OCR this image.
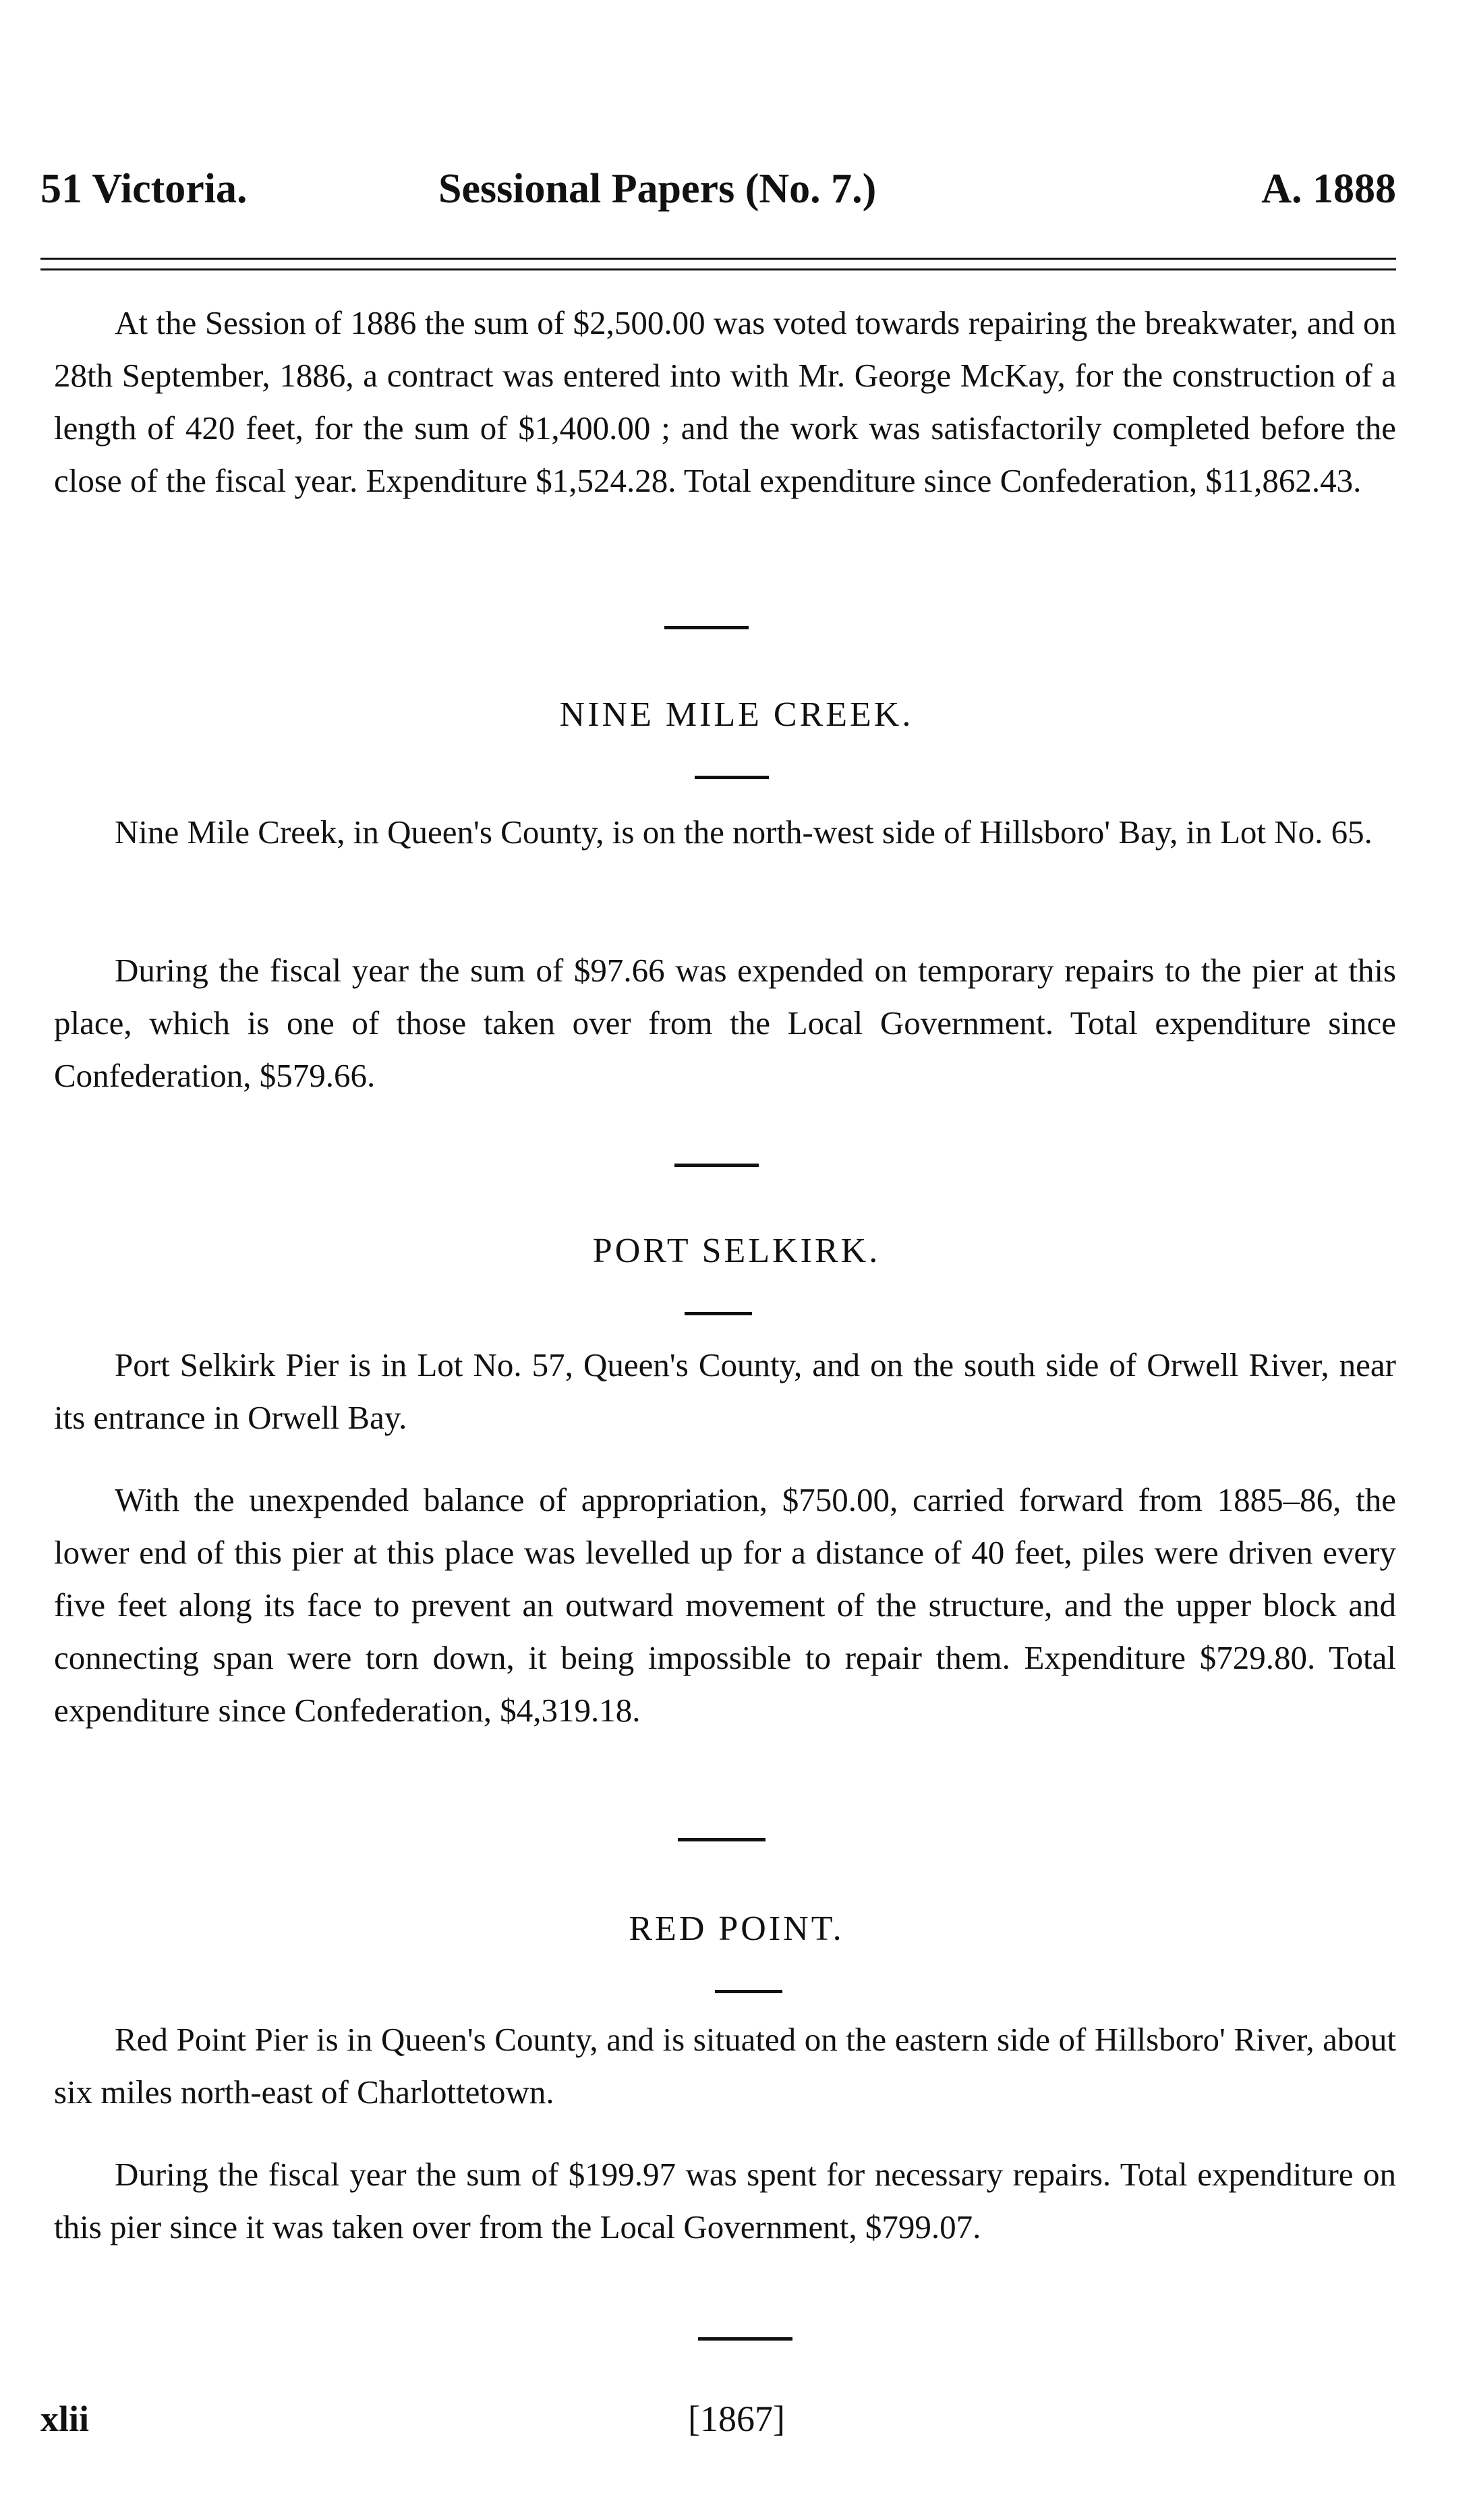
51 Victoria.	Sessional Papers (No. 7.)	A. 1888

At the Session of 1886 the sum of $2,500.00 was voted towards repairing the breakwater, and on 28th September, 1886, a contract was entered into with Mr. George McKay, for the construction of a length of 420 feet, for the sum of $1,400.00 ; and the work was satisfactorily completed before the close of the fiscal year. Expenditure $1,524.28. Total expenditure since Confederation, $11,862.43.

NINE MILE CREEK.

Nine Mile Creek, in Queen's County, is on the north-west side of Hillsboro' Bay, in Lot No. 65.

During the fiscal year the sum of $97.66 was expended on temporary repairs to the pier at this place, which is one of those taken over from the Local Government. Total expenditure since Confederation, $579.66.

PORT SELKIRK.

Port Selkirk Pier is in Lot No. 57, Queen's County, and on the south side of Orwell River, near its entrance in Orwell Bay.

With the unexpended balance of appropriation, $750.00, carried forward from 1885–86, the lower end of this pier at this place was levelled up for a distance of 40 feet, piles were driven every five feet along its face to prevent an outward movement of the structure, and the upper block and connecting span were torn down, it being impossible to repair them. Expenditure $729.80. Total expenditure since Confederation, $4,319.18.

RED POINT.

Red Point Pier is in Queen's County, and is situated on the eastern side of Hillsboro' River, about six miles north-east of Charlottetown.

During the fiscal year the sum of $199.97 was spent for necessary repairs. Total expenditure on this pier since it was taken over from the Local Government, $799.07.

xlii	[1867]
